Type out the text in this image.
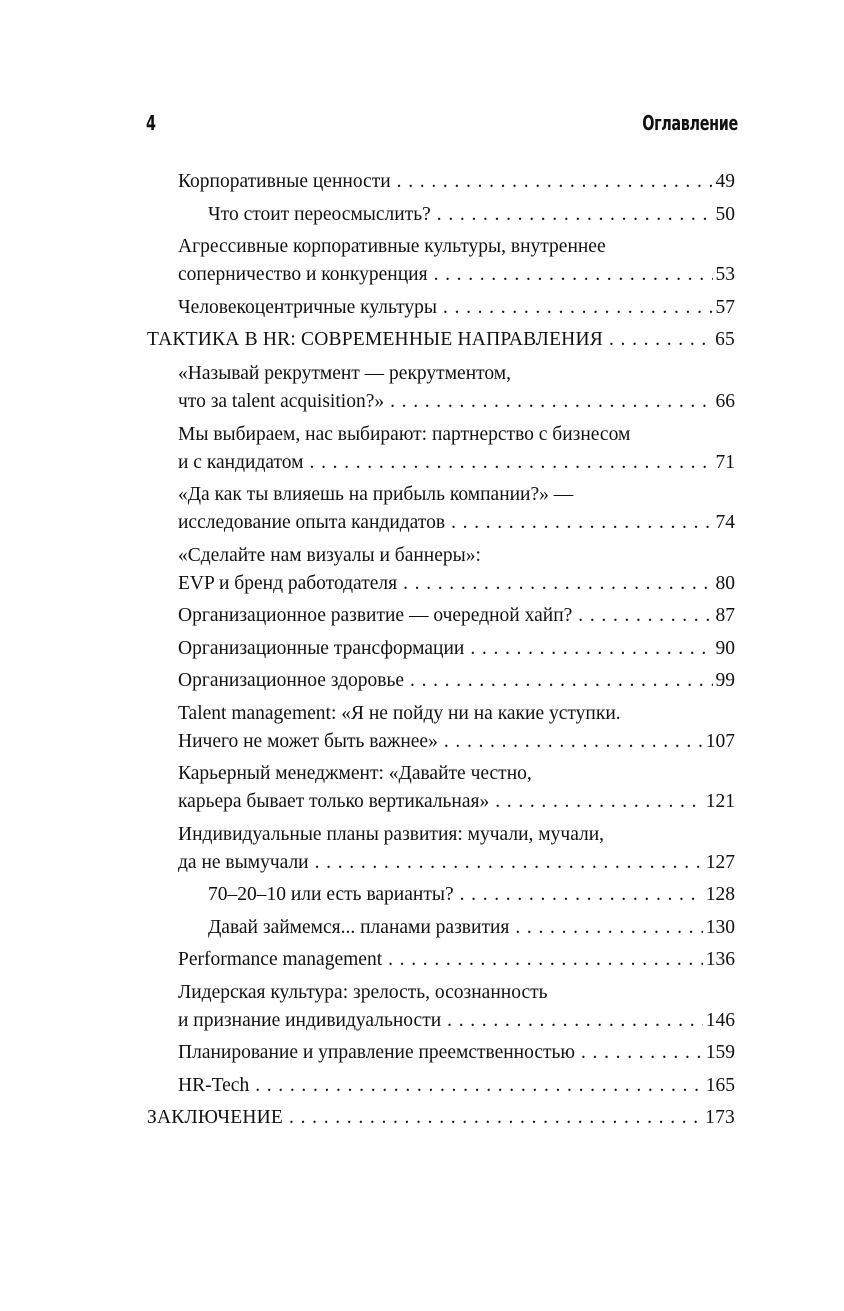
4	Оглавление
Корпоративные ценности . . .	49
Что стоит переосмыслить? . . .	50
Агрессивные корпоративные культуры, внутреннее
соперничество и конкуренция . . .	53
Человекоцентричные культуры . . .	57
ТАКТИКА В HR: СОВРЕМЕННЫЕ НАПРАВЛЕНИЯ . . .	65
«Называй рекрутмент — рекрутментом,
что за talent acquisition?» . . .	66
Мы выбираем, нас выбирают: партнерство с бизнесом
и с кандидатом . . .	71
«Да как ты влияешь на прибыль компании?» —
исследование опыта кандидатов . . .	74
«Сделайте нам визуалы и баннеры»:
EVP и бренд работодателя . . .	80
Организационное развитие — очередной хайп? . . .	87
Организационные трансформации . . .	90
Организационное здоровье . . .	99
Talent management: «Я не пойду ни на какие уступки.
Ничего не может быть важнее» . . .	107
Карьерный менеджмент: «Давайте честно,
карьера бывает только вертикальная» . . .	121
Индивидуальные планы развития: мучали, мучали,
да не вымучали . . .	127
70–20–10 или есть варианты? . . .	128
Давай займемся... планами развития . . .	130
Performance management . . .	136
Лидерская культура: зрелость, осознанность
и признание индивидуальности . . .	146
Планирование и управление преемственностью . . .	159
HR-Tech . . .	165
ЗАКЛЮЧЕНИЕ . . .	173
